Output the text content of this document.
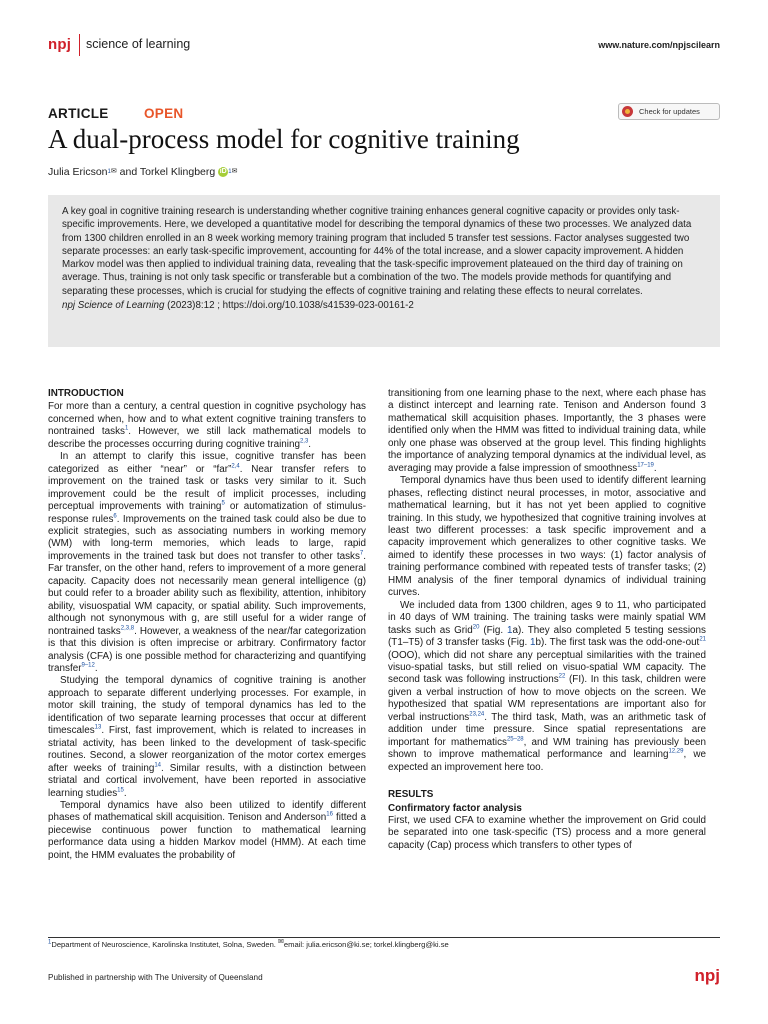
npj science of learning	www.nature.com/npjscilearn
ARTICLE	OPEN	Check for updates
A dual-process model for cognitive training
Julia Ericson 1 ✉
and Torkel Klingberg iD 1 ✉
A key goal in cognitive training research is understanding whether cognitive training enhances general cognitive capacity or provides only task-specific improvements. Here, we developed a quantitative model for describing the temporal dynamics of these two processes. We analyzed data from 1300 children enrolled in an 8 week working memory training program that included 5 transfer test sessions. Factor analyses suggested two separate processes: an early task-specific improvement, accounting for 44% of the total increase, and a slower capacity improvement. A hidden Markov model was then applied to individual training data, revealing that the task-specific improvement plateaued on the third day of training on average. Thus, training is not only task specific or transferable but a combination of the two. The models provide methods for quantifying and separating these processes, which is crucial for studying the effects of cognitive training and relating these effects to neural correlates.
npj Science of Learning (2023)8:12 ; https://doi.org/10.1038/s41539-023-00161-2
INTRODUCTION

For more than a century, a central question in cognitive psychology has concerned when, how and to what extent cognitive training transfers to nontrained tasks$^1$. However, we still lack mathematical models to describe the processes occurring during cognitive training$^{2,3}$.

In an attempt to clarify this issue, cognitive transfer has been categorized as either “near” or “far”$^{2,4}$. Near transfer refers to improvement on the trained task or tasks very similar to it. Such improvement could be the result of implicit processes, including perceptual improvements with training$^5$ or automatization of stimulus-response rules$^6$. Improvements on the trained task could also be due to explicit strategies, such as associating numbers in working memory (WM) with long-term memories, which leads to large, rapid improvements in the trained task but does not transfer to other tasks$^7$. Far transfer, on the other hand, refers to improvement of a more general capacity. Capacity does not necessarily mean general intelligence (g) but could refer to a broader ability such as flexibility, attention, inhibitory ability, visuospatial WM capacity, or spatial ability. Such improvements, although not synonymous with g, are still useful for a wider range of nontrained tasks$^{2,3,8}$. However, a weakness of the near/far categorization is that this division is often imprecise or arbitrary. Confirmatory factor analysis (CFA) is one possible method for characterizing and quantifying transfer$^{9-12}$.

Studying the temporal dynamics of cognitive training is another approach to separate different underlying processes. For example, in motor skill training, the study of temporal dynamics has led to the identification of two separate learning processes that occur at different timescales$^{13}$. First, fast improvement, which is related to increases in striatal activity, has been linked to the development of task-specific routines. Second, a slower reorganization of the motor cortex emerges after weeks of training$^{14}$. Similar results, with a distinction between striatal and cortical involvement, have been reported in associative learning studies$^{15}$.

Temporal dynamics have also been utilized to identify different phases of mathematical skill acquisition. Tenison and Anderson$^{16}$ fitted a piecewise continuous power function to mathematical learning performance data using a hidden Markov model (HMM). At each time point, the HMM evaluates the probability of

transitioning from one learning phase to the next, where each phase has a distinct intercept and learning rate. Tenison and Anderson found 3 mathematical skill acquisition phases. Importantly, the 3 phases were identified only when the HMM was fitted to individual training data, while only one phase was observed at the group level. This finding highlights the importance of analyzing temporal dynamics at the individual level, as averaging may provide a false impression of smoothness$^{17-19}$.

Temporal dynamics have thus been used to identify different learning phases, reflecting distinct neural processes, in motor, associative and mathematical learning, but it has not yet been applied to cognitive training. In this study, we hypothesized that cognitive training involves at least two different processes: a task specific improvement and a capacity improvement which generalizes to other cognitive tasks. We aimed to identify these processes in two ways: (1) factor analysis of training performance combined with repeated tests of transfer tasks; (2) HMM analysis of the finer temporal dynamics of individual training curves.

We included data from 1300 children, ages 9 to 11, who participated in 40 days of WM training. The training tasks were mainly spatial WM tasks such as Grid$^{20}$ (Fig. 1a). They also completed 5 testing sessions (T1–T5) of 3 transfer tasks (Fig. 1b). The first task was the odd-one-out$^{21}$ (OOO), which did not share any perceptual similarities with the trained visuo-spatial tasks, but still relied on visuo-spatial WM capacity. The second task was following instructions$^{22}$ (FI). In this task, children were given a verbal instruction of how to move objects on the screen. We hypothesized that spatial WM representations are important also for verbal instructions$^{23,24}$. The third task, Math, was an arithmetic task of addition under time pressure. Since spatial representations are important for mathematics$^{25-28}$, and WM training has previously been shown to improve mathematical performance and learning$^{12,29}$, we expected an improvement here too.

RESULTS
Confirmatory factor analysis

First, we used CFA to examine whether the improvement on Grid could be separated into one task-specific (TS) process and a more general capacity (Cap) process which transfers to other types of

$^1$Department of Neuroscience, Karolinska Institutet, Solna, Sweden. ✉email: julia.ericson@ki.se; torkel.klingberg@ki.se
Published in partnership with The University of Queensland	npj
